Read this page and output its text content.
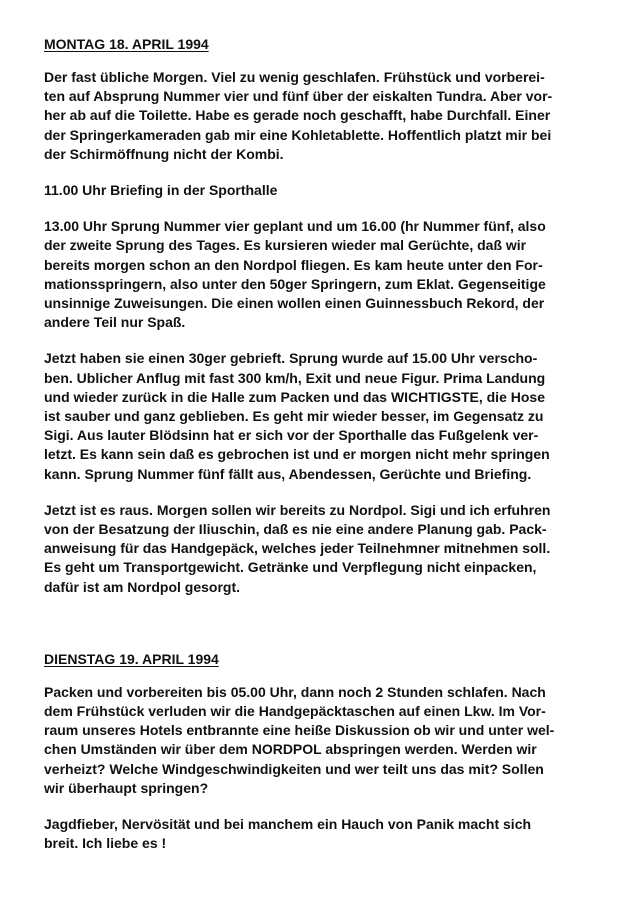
MONTAG 18. APRIL 1994

Der fast übliche Morgen. Viel zu wenig geschlafen. Frühstück und vorberei-

ten auf Absprung Nummer vier und fünf über der eiskalten Tundra. Aber vor-

her ab auf die Toilette. Habe es gerade noch geschafft, habe Durchfall. Einer

der Springerkameraden gab mir eine Kohletablette. Hoffentlich platzt mir bei

der Schirmöffnung nicht der Kombi.

11.00 Uhr Briefing in der Sporthalle

13.00 Uhr Sprung Nummer vier geplant und um 16.00 (hr Nummer fünf, also

der zweite Sprung des Tages. Es kursieren wieder mal Gerüchte, daß wir

bereits morgen schon an den Nordpol fliegen. Es kam heute unter den For-

mationsspringern, also unter den 50ger Springern, zum Eklat. Gegenseitige

unsinnige Zuweisungen. Die einen wollen einen Guinnessbuch Rekord, der

andere Teil nur Spaß.

Jetzt haben sie einen 30ger gebrieft. Sprung wurde auf 15.00 Uhr verscho-

ben. Ublicher Anflug mit fast 300 km/h, Exit und neue Figur. Prima Landung

und wieder zurück in die Halle zum Packen und das WICHTIGSTE, die Hose

ist sauber und ganz geblieben. Es geht mir wieder besser, im Gegensatz zu

Sigi. Aus lauter Blödsinn hat er sich vor der Sporthalle das Fußgelenk ver-

letzt. Es kann sein daß es gebrochen ist und er morgen nicht mehr springen

kann. Sprung Nummer fünf fällt aus, Abendessen, Gerüchte und Briefing.

Jetzt ist es raus. Morgen sollen wir bereits zu Nordpol. Sigi und ich erfuhren

von der Besatzung der Iliuschin, daß es nie eine andere Planung gab. Pack-

anweisung für das Handgepäck, welches jeder Teilnehmner mitnehmen soll.

Es geht um Transportgewicht. Getränke und Verpflegung nicht einpacken,

dafür ist am Nordpol gesorgt.

DIENSTAG 19. APRIL 1994

Packen und vorbereiten bis 05.00 Uhr, dann noch 2 Stunden schlafen. Nach

dem Frühstück verluden wir die Handgepäcktaschen auf einen Lkw. Im Vor-

raum unseres Hotels entbrannte eine heiße Diskussion ob wir und unter wel-

chen Umständen wir über dem NORDPOL abspringen werden. Werden wir

verheizt? Welche Windgeschwindigkeiten und wer teilt uns das mit? Sollen

wir überhaupt springen?

Jagdfieber, Nervösität und bei manchem ein Hauch von Panik macht sich

breit. Ich liebe es !
